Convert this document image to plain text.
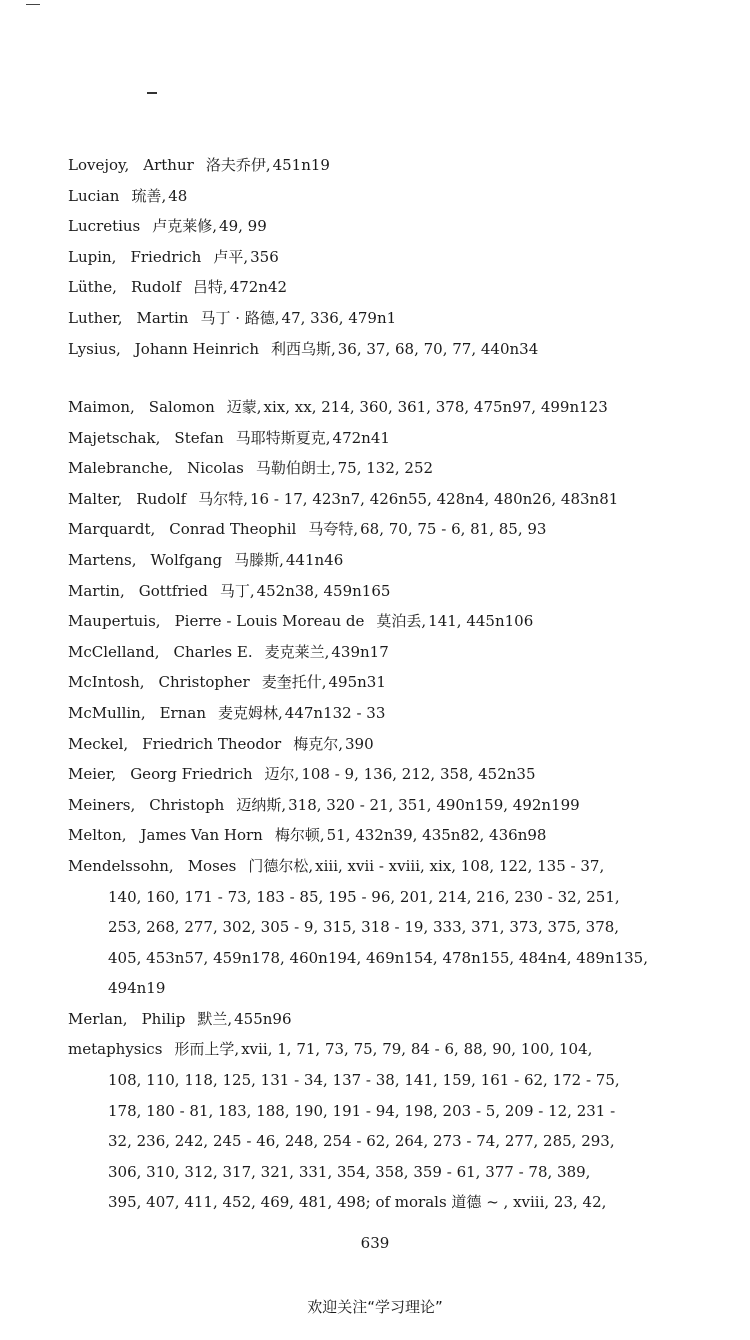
Lovejoy, Arthur 洛夫乔伊, 451n19
Lucian 琉善, 48
Lucretius 卢克莱修, 49, 99
Lupin, Friedrich 卢平, 356
Lüthe, Rudolf 吕特, 472n42
Luther, Martin 马丁 · 路德, 47, 336, 479n1
Lysius, Johann Heinrich 利西乌斯, 36, 37, 68, 70, 77, 440n34
Maimon, Salomon 迈蒙, xix, xx, 214, 360, 361, 378, 475n97, 499n123
Majetschak, Stefan 马耶特斯夏克, 472n41
Malebranche, Nicolas 马勒伯朗士, 75, 132, 252
Malter, Rudolf 马尔特, 16 - 17, 423n7, 426n55, 428n4, 480n26, 483n81
Marquardt, Conrad Theophil 马夸特, 68, 70, 75 - 6, 81, 85, 93
Martens, Wolfgang 马滕斯, 441n46
Martin, Gottfried 马丁, 452n38, 459n165
Maupertuis, Pierre - Louis Moreau de 莫泊丢, 141, 445n106
McClelland, Charles E. 麦克莱兰, 439n17
McIntosh, Christopher 麦奎托什, 495n31
McMullin, Ernan 麦克姆林, 447n132 - 33
Meckel, Friedrich Theodor 梅克尔, 390
Meier, Georg Friedrich 迈尔, 108 - 9, 136, 212, 358, 452n35
Meiners, Christoph 迈纳斯, 318, 320 - 21, 351, 490n159, 492n199
Melton, James Van Horn 梅尔顿, 51, 432n39, 435n82, 436n98
Mendelssohn, Moses 门德尔松, xiii, xvii - xviii, xix, 108, 122, 135 - 37,
140, 160, 171 - 73, 183 - 85, 195 - 96, 201, 214, 216, 230 - 32, 251,
253, 268, 277, 302, 305 - 9, 315, 318 - 19, 333, 371, 373, 375, 378,
405, 453n57, 459n178, 460n194, 469n154, 478n155, 484n4, 489n135,
494n19
Merlan, Philip 默兰, 455n96
metaphysics 形而上学, xvii, 1, 71, 73, 75, 79, 84 - 6, 88, 90, 100, 104,
108, 110, 118, 125, 131 - 34, 137 - 38, 141, 159, 161 - 62, 172 - 75,
178, 180 - 81, 183, 188, 190, 191 - 94, 198, 203 - 5, 209 - 12, 231 -
32, 236, 242, 245 - 46, 248, 254 - 62, 264, 273 - 74, 277, 285, 293,
306, 310, 312, 317, 321, 331, 354, 358, 359 - 61, 377 - 78, 389,
395, 407, 411, 452, 469, 481, 498; of morals 道德 ~ , xviii, 23, 42,
639
欢迎关注“学习理论”
